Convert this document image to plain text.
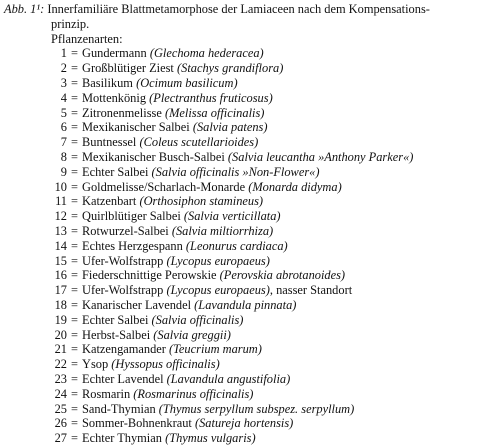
Abb. 1¹: Innerfamiliäre Blattmetamorphose der Lamiaceen nach dem Kompensations-
prinzip.
Pflanzenarten:
1 = Gundermann
(Glechoma hederacea)
2 = Großblütiger Ziest
(Stachys grandiflora)
3 = Basilikum
(Ocimum basilicum)
4 = Mottenkönig
(Plectranthus fruticosus)
5 = Zitronenmelisse
(Melissa officinalis)
6 = Mexikanischer Salbei
(Salvia patens)
7 = Buntnessel
(Coleus scutellarioides)
8 = Mexikanischer Busch-Salbei
(Salvia leucantha »Anthony Parker«)
9 = Echter Salbei
(Salvia officinalis »Non-Flower«)
10 = Goldmelisse/Scharlach-Monarde
(Monarda didyma)
11 = Katzenbart
(Orthosiphon stamineus)
12 = Quirlblütiger Salbei
(Salvia verticillata)
13 = Rotwurzel-Salbei
(Salvia miltiorrhiza)
14 = Echtes Herzgespann
(Leonurus cardiaca)
15 = Ufer-Wolfstrapp
(Lycopus europaeus)
16 = Fiederschnittige Perowskie
(Perovskia abrotanoides)
17 = Ufer-Wolfstrapp
(Lycopus europaeus) , nasser Standort
18 = Kanarischer Lavendel
(Lavandula pinnata)
19 = Echter Salbei
(Salvia officinalis)
20 = Herbst-Salbei
(Salvia greggii)
21 = Katzengamander
(Teucrium marum)
22 = Ysop
(Hyssopus officinalis)
23 = Echter Lavendel
(Lavandula angustifolia)
24 = Rosmarin
(Rosmarinus officinalis)
25 = Sand-Thymian
(Thymus serpyllum subspez. serpyllum)
26 = Sommer-Bohnenkraut
(Satureja hortensis)
27 = Echter Thymian
(Thymus vulgaris)
